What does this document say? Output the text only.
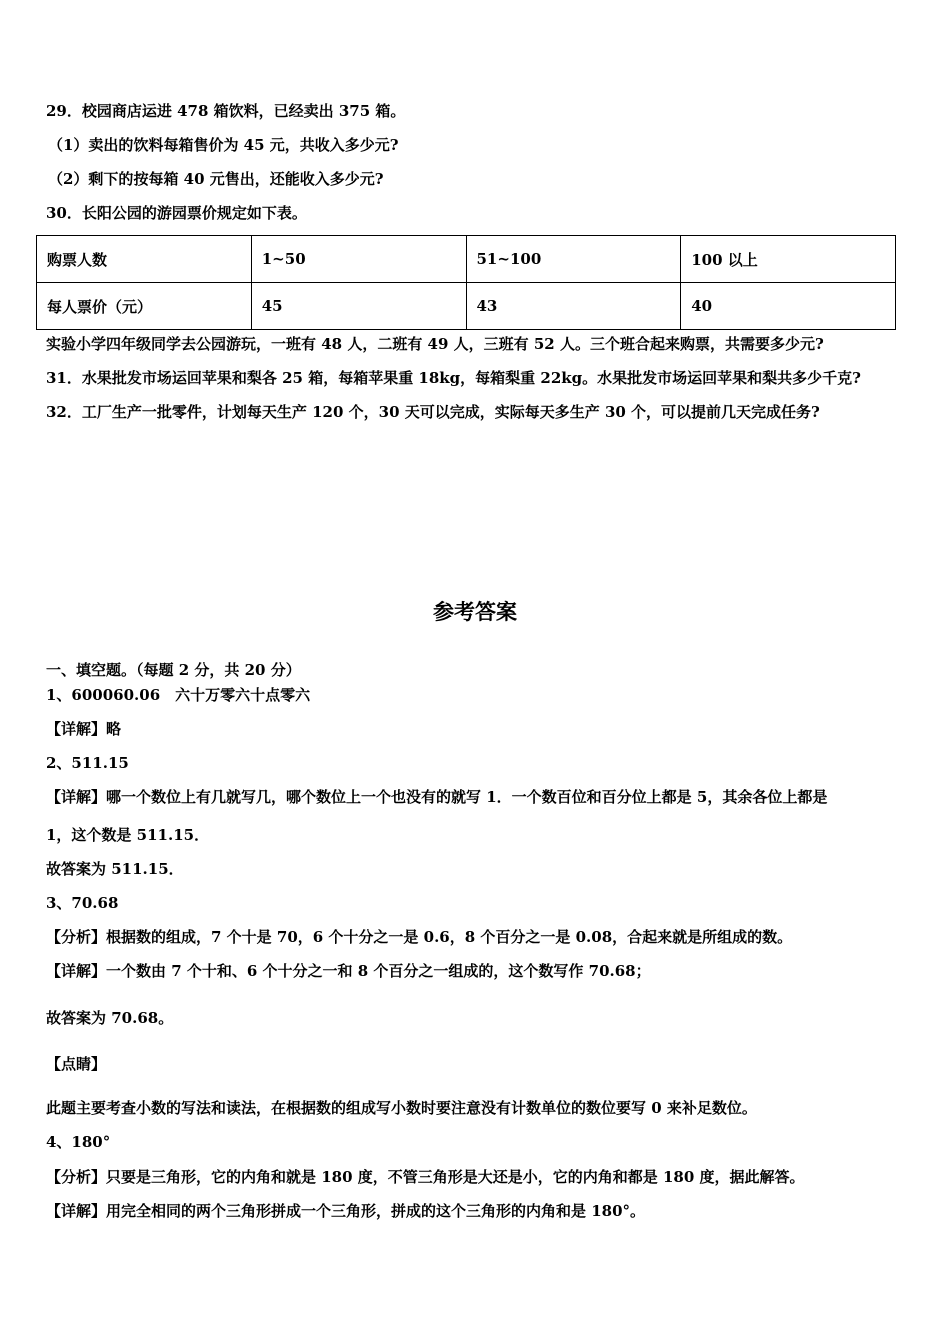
29．校园商店运进 478 箱饮料，已经卖出 375 箱。
（1）卖出的饮料每箱售价为 45 元，共收入多少元?
（2）剩下的按每箱 40 元售出，还能收入多少元?
30．长阳公园的游园票价规定如下表。
购票人数	1~50	51~100	100 以上
每人票价（元）	45	43	40
实验小学四年级同学去公园游玩，一班有 48 人，二班有 49 人，三班有 52 人。三个班合起来购票，共需要多少元?
31．水果批发市场运回苹果和梨各 25 箱，每箱苹果重 18kg，每箱梨重 22kg。水果批发市场运回苹果和梨共多少千克?
32．工厂生产一批零件，计划每天生产 120 个，30 天可以完成，实际每天多生产 30 个，可以提前几天完成任务?
参考答案
一、填空题。（每题 2 分，共 20 分）
1、600060.06　六十万零六十点零六
【详解】略
2、511.15
【详解】哪一个数位上有几就写几，哪个数位上一个也没有的就写 1．一个数百位和百分位上都是 5，其余各位上都是
1，这个数是 511.15．
故答案为 511.15．
3、70.68
【分析】根据数的组成，7 个十是 70，6 个十分之一是 0.6，8 个百分之一是 0.08，合起来就是所组成的数。
【详解】一个数由 7 个十和、6 个十分之一和 8 个百分之一组成的，这个数写作 70.68；
故答案为 70.68。
【点睛】
此题主要考查小数的写法和读法，在根据数的组成写小数时要注意没有计数单位的数位要写 0 来补足数位。
4、180°
【分析】只要是三角形，它的内角和就是 180 度，不管三角形是大还是小，它的内角和都是 180 度，据此解答。
【详解】用完全相同的两个三角形拼成一个三角形，拼成的这个三角形的内角和是 180°。
